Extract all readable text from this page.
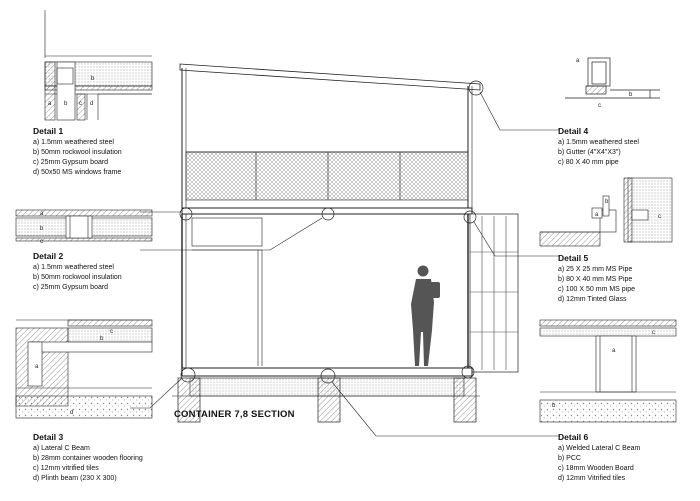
b
a b c d
a
b
c
a
b
c
d
a
b
c
a
b
c
a
b
c
Detail 1
a) 1.5mm weathered steel
b) 50mm rockwool insulation
c) 25mm Gypsum board
d) 50x50 MS windows frame
Detail 2
a) 1.5mm weathered steel
b) 50mm rockwool insulation
c) 25mm Gypsum board
Detail 3
a) Lateral C Beam
b) 28mm container wooden flooring
c) 12mm vitrified tiles
d) Plinth beam (230 X 300)
Detail 4
a) 1.5mm weathered steel
b) Gutter (4"X4"X3")
c) 80 X 40 mm pipe
Detail 5
a) 25 X 25 mm MS Pipe
b) 80 X 40 mm MS Pipe
c) 100 X 50 mm MS pipe
d) 12mm Tinted Glass
Detail 6
a) Welded Lateral C Beam
b) PCC
c) 18mm Wooden Board
d) 12mm Vitrified tiles
CONTAINER 7,8 SECTION
